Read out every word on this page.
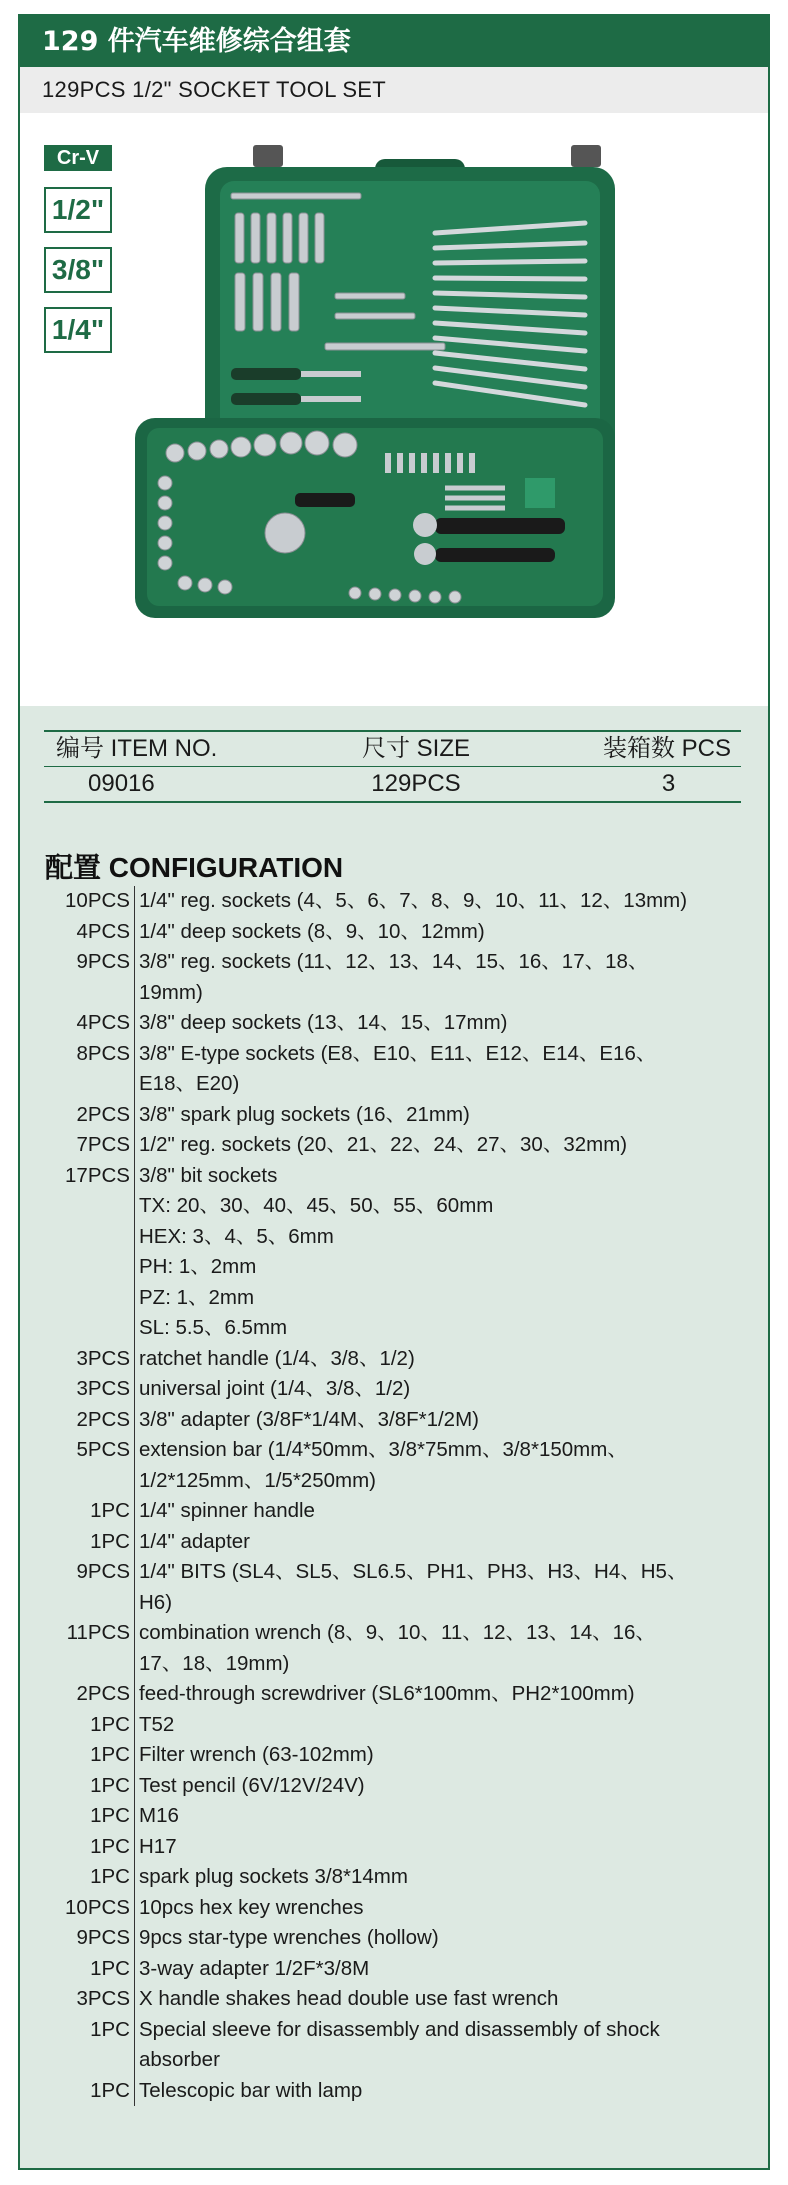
129 件汽车维修综合组套
129PCS 1/2" SOCKET TOOL SET
Cr-V
1/2"
3/8"
1/4"
编号 ITEM NO.	尺寸 SIZE	装箱数 PCS
09016	129PCS	3
配置 CONFIGURATION
10PCS 1/4" reg. sockets (4、5、6、7、8、9、10、11、12、13mm)
4PCS 1/4" deep sockets (8、9、10、12mm)
9PCS 3/8" reg. sockets (11、12、13、14、15、16、17、18、
19mm)
4PCS 3/8" deep sockets (13、14、15、17mm)
8PCS 3/8" E-type sockets (E8、E10、E11、E12、E14、E16、
E18、E20)
2PCS 3/8" spark plug sockets (16、21mm)
7PCS 1/2" reg. sockets (20、21、22、24、27、30、32mm)
17PCS 3/8" bit sockets
TX: 20、30、40、45、50、55、60mm
HEX: 3、4、5、6mm
PH: 1、2mm
PZ: 1、2mm
SL: 5.5、6.5mm
3PCS ratchet handle (1/4、3/8、1/2)
3PCS universal joint (1/4、3/8、1/2)
2PCS 3/8" adapter (3/8F*1/4M、3/8F*1/2M)
5PCS extension bar (1/4*50mm、3/8*75mm、3/8*150mm、
1/2*125mm、1/5*250mm)
1PC 1/4" spinner handle
1PC 1/4" adapter
9PCS 1/4" BITS (SL4、SL5、SL6.5、PH1、PH3、H3、H4、H5、
H6)
11PCS combination wrench (8、9、10、11、12、13、14、16、
17、18、19mm)
2PCS feed-through screwdriver (SL6*100mm、PH2*100mm)
1PC T52
1PC Filter wrench (63-102mm)
1PC Test pencil (6V/12V/24V)
1PC M16
1PC H17
1PC spark plug sockets 3/8*14mm
10PCS 10pcs hex key wrenches
9PCS 9pcs star-type wrenches (hollow)
1PC 3-way adapter 1/2F*3/8M
3PCS X handle shakes head double use fast wrench
1PC Special sleeve for disassembly and disassembly of shock
absorber
1PC Telescopic bar with lamp
